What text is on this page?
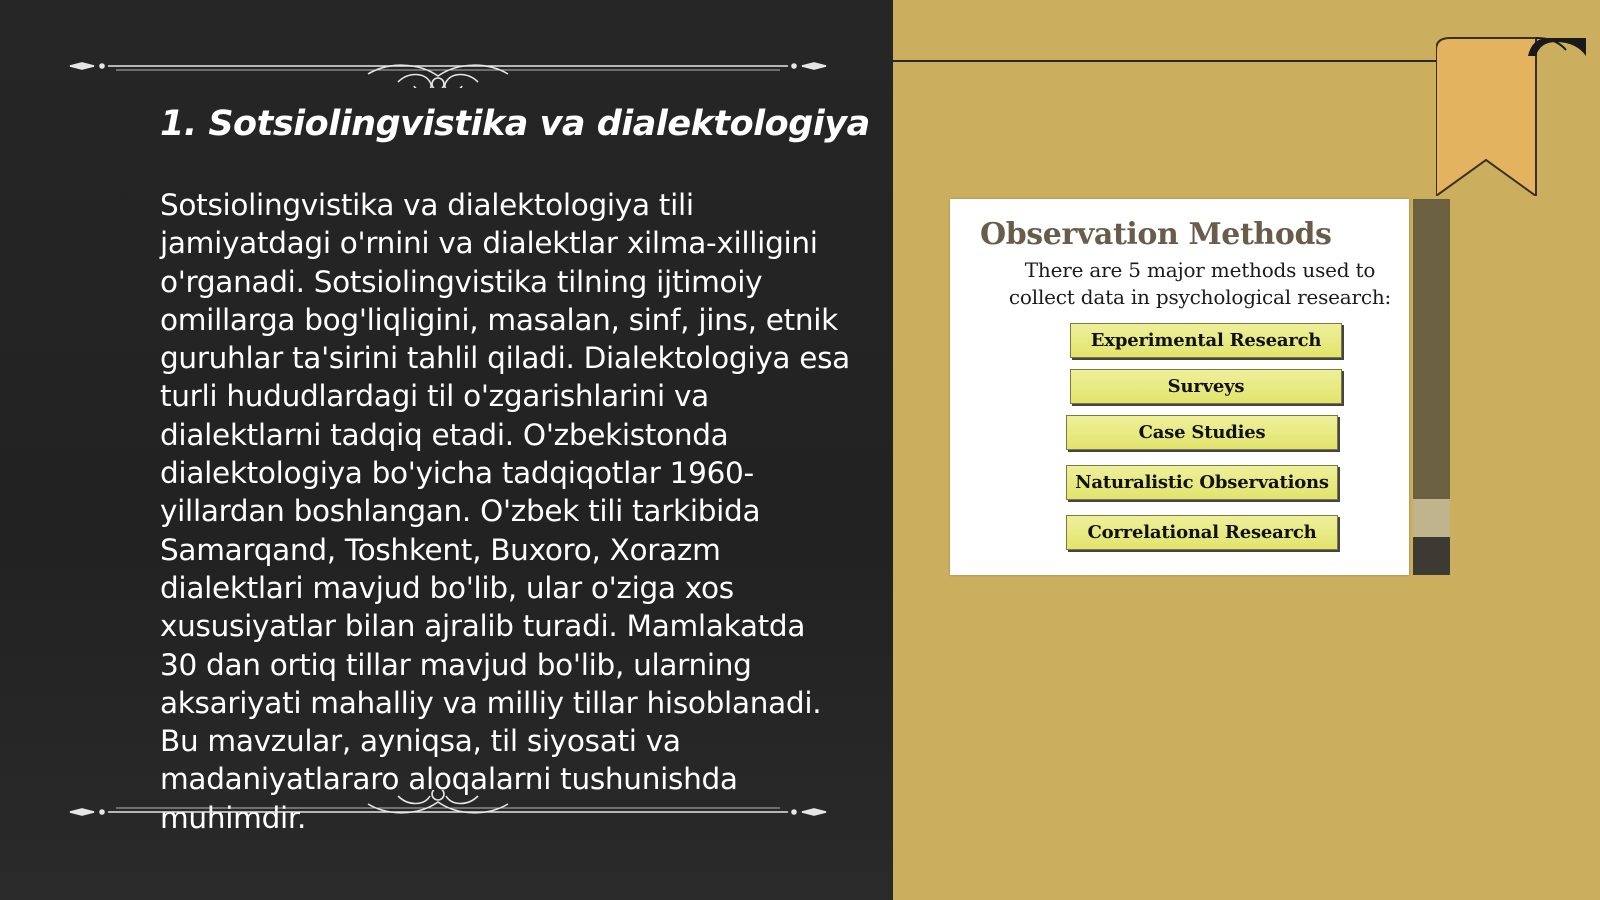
1. Sotsiolingvistika va dialektologiya

Sotsiolingvistika va dialektologiya tili jamiyatdagi o'rnini va dialektlar xilma-xilligini o'rganadi. Sotsiolingvistika tilning ijtimoiy omillarga bog'liqligini, masalan, sinf, jins, etnik guruhlar ta'sirini tahlil qiladi. Dialektologiya esa turli hududlardagi til o'zgarishlarini va dialektlarni tadqiq etadi. O'zbekistonda dialektologiya bo'yicha tadqiqotlar 1960-yillardan boshlangan. O'zbek tili tarkibida Samarqand, Toshkent, Buxoro, Xorazm dialektlari mavjud bo'lib, ular o'ziga xos xususiyatlar bilan ajralib turadi. Mamlakatda 30 dan ortiq tillar mavjud bo'lib, ularning aksariyati mahalliy va milliy tillar hisoblanadi. Bu mavzular, ayniqsa, til siyosati va madaniyatlararo aloqalarni tushunishda muhimdir.

Observation Methods

There are 5 major methods used to collect data in psychological research:

Experimental Research
Surveys
Case Studies
Naturalistic Observations
Correlational Research
